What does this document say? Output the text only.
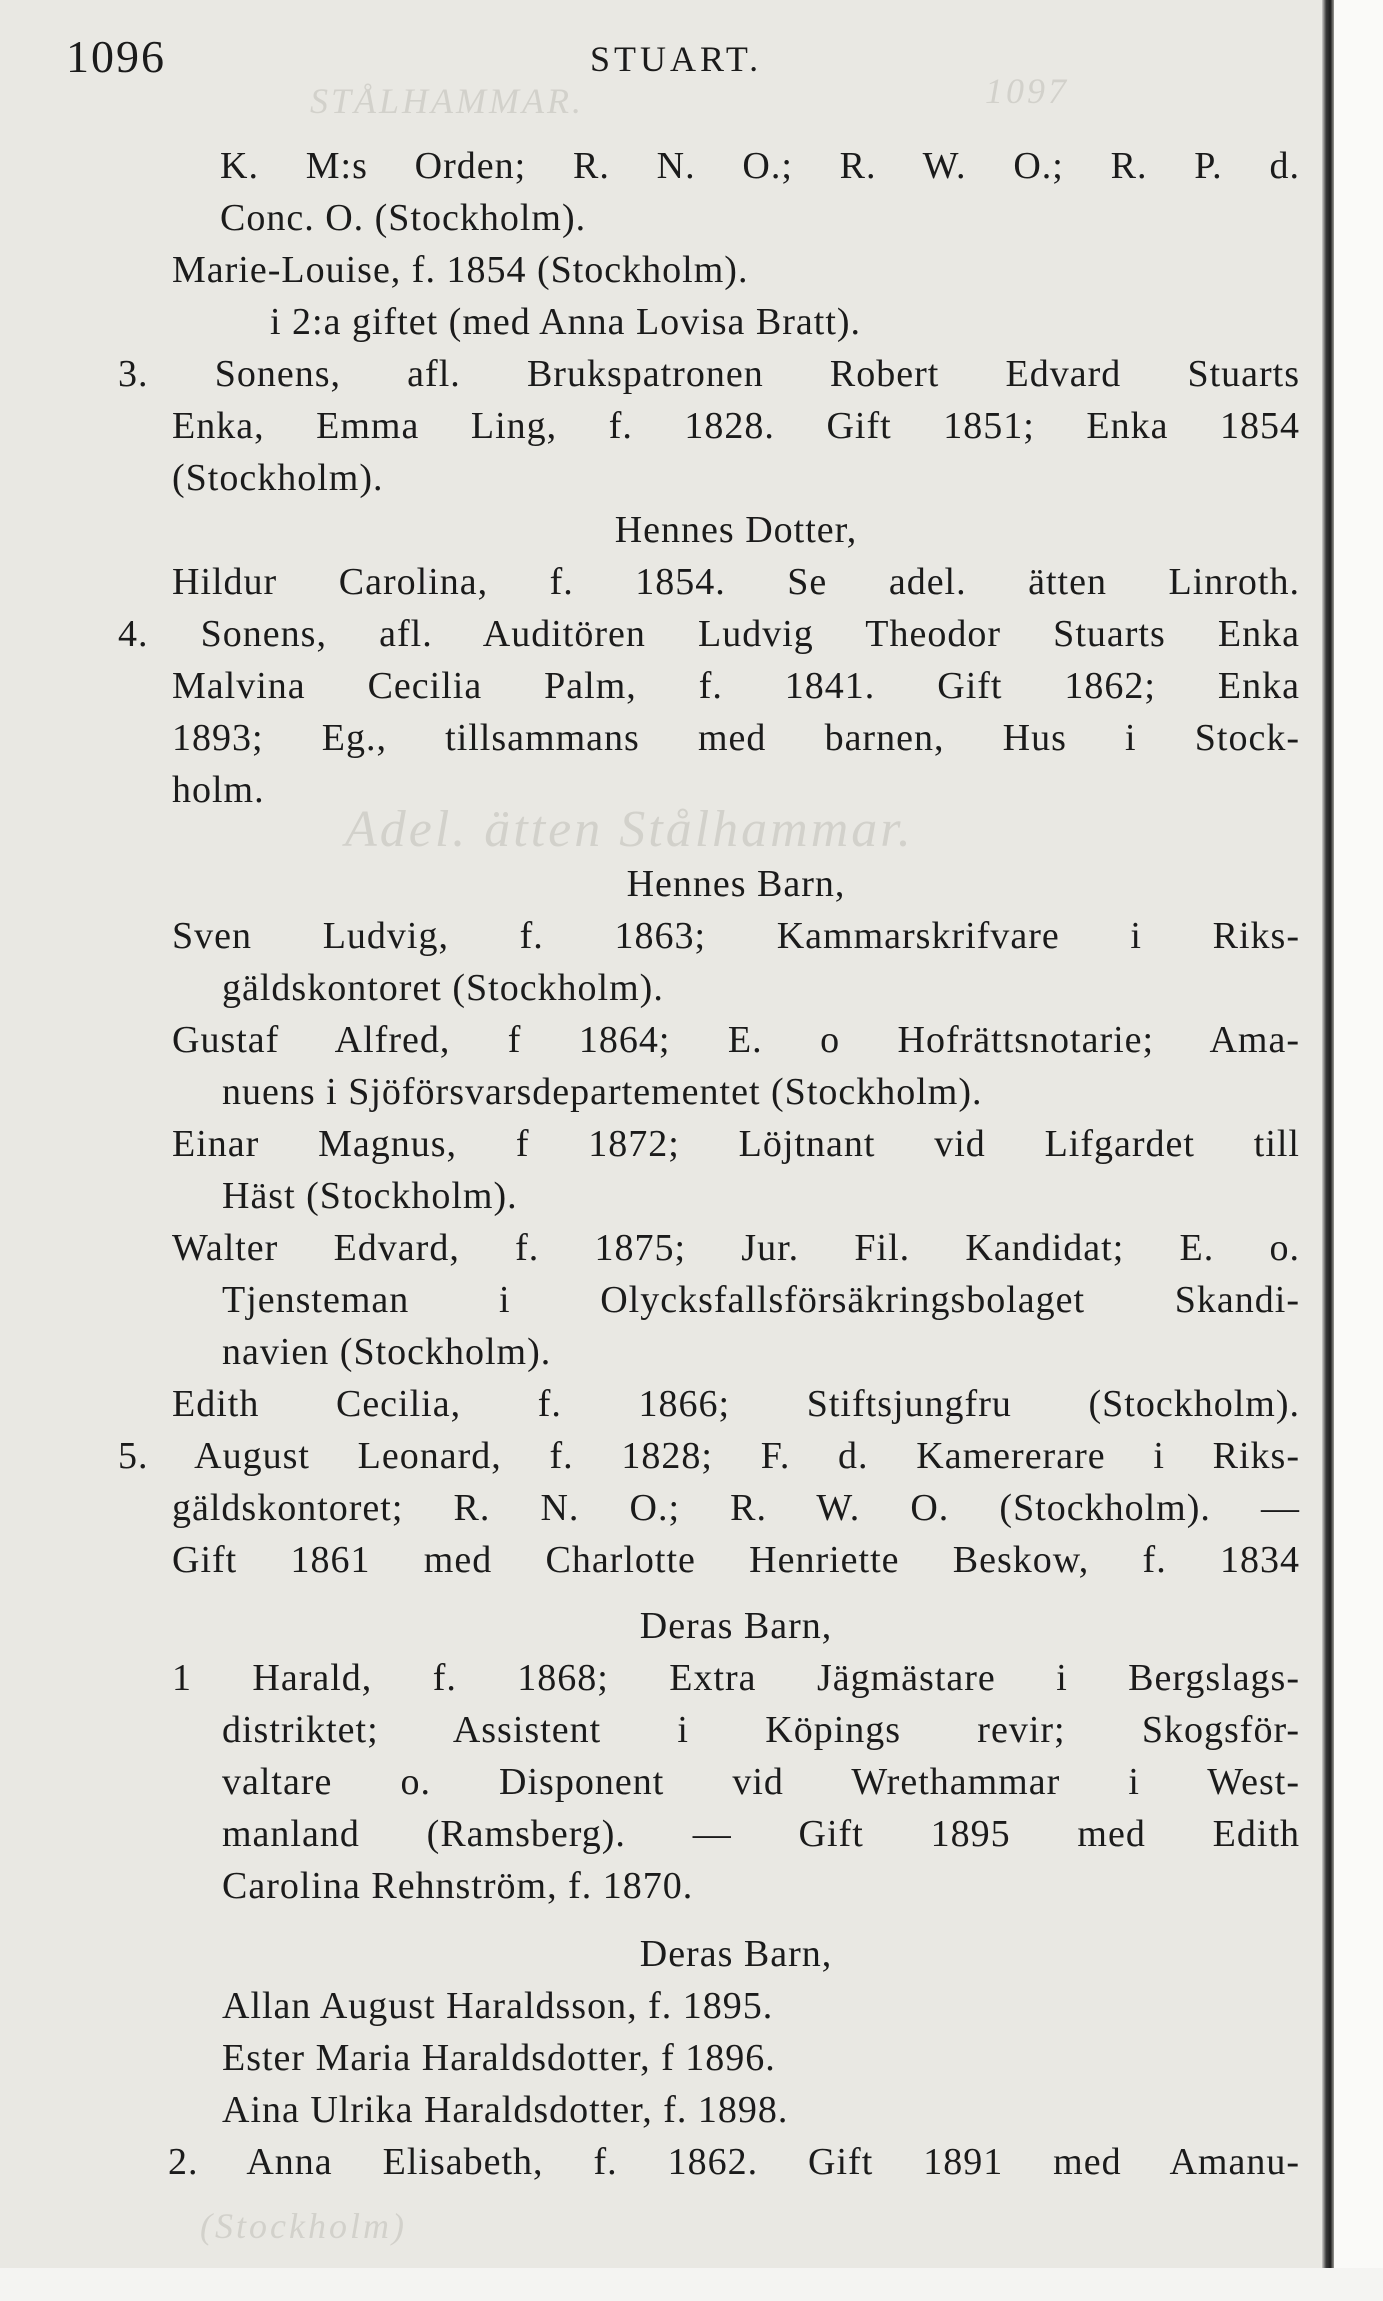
STÅLHAMMAR.	1097
Adel. ätten Stålhammar.
(Stockholm)
1096	STUART.
K. M:s Orden; R. N. O.; R. W. O.; R. P. d.
Conc. O. (Stockholm).
Marie-Louise, f. 1854 (Stockholm).
i 2:a giftet (med Anna Lovisa Bratt).
3. Sonens, afl. Brukspatronen Robert Edvard Stuarts
Enka, Emma Ling, f. 1828. Gift 1851; Enka 1854
(Stockholm).
Hennes Dotter,
Hildur Carolina, f. 1854. Se adel. ätten Linroth.
4. Sonens, afl. Auditören Ludvig Theodor Stuarts Enka
Malvina Cecilia Palm, f. 1841. Gift 1862; Enka
1893; Eg., tillsammans med barnen, Hus i Stock-
holm.
Hennes Barn,
Sven Ludvig, f. 1863; Kammarskrifvare i Riks-
gäldskontoret (Stockholm).
Gustaf Alfred, f 1864; E. o Hofrättsnotarie; Ama-
nuens i Sjöförsvarsdepartementet (Stockholm).
Einar Magnus, f 1872; Löjtnant vid Lifgardet till
Häst (Stockholm).
Walter Edvard, f. 1875; Jur. Fil. Kandidat; E. o.
Tjensteman i Olycksfallsförsäkringsbolaget Skandi-
navien (Stockholm).
Edith Cecilia, f. 1866; Stiftsjungfru (Stockholm).
5. August Leonard, f. 1828; F. d. Kamererare i Riks-
gäldskontoret; R. N. O.; R. W. O. (Stockholm). —
Gift 1861 med Charlotte Henriette Beskow, f. 1834
Deras Barn,
1 Harald, f. 1868; Extra Jägmästare i Bergslags-
distriktet; Assistent i Köpings revir; Skogsför-
valtare o. Disponent vid Wrethammar i West-
manland (Ramsberg). — Gift 1895 med Edith
Carolina Rehnström, f. 1870.
Deras Barn,
Allan August Haraldsson, f. 1895.
Ester Maria Haraldsdotter, f 1896.
Aina Ulrika Haraldsdotter, f. 1898.
2. Anna Elisabeth, f. 1862. Gift 1891 med Amanu-
